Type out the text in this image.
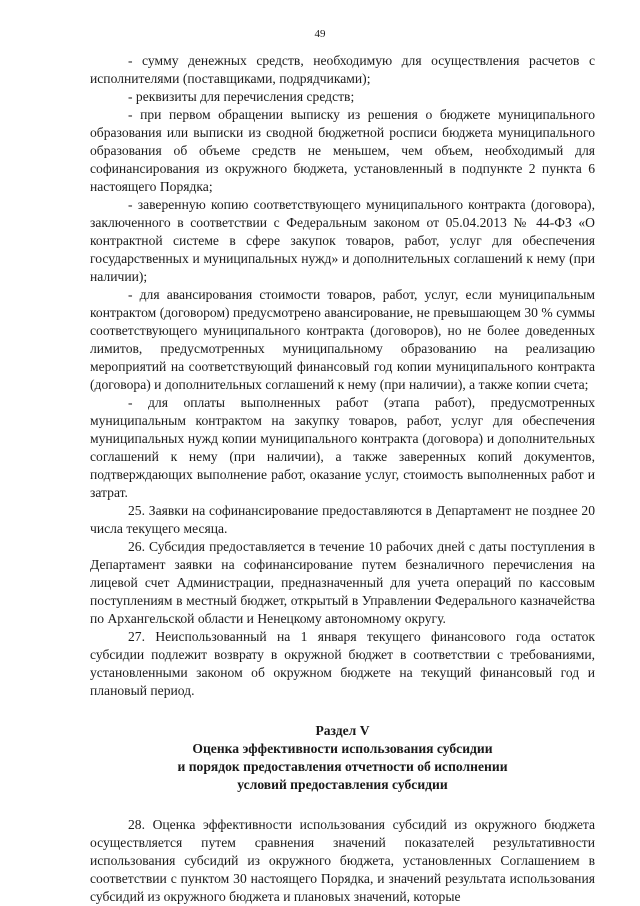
49

- сумму денежных средств, необходимую для осуществления расчетов с исполнителями (поставщиками, подрядчиками);

- реквизиты для перечисления средств;

- при первом обращении выписку из решения о бюджете муниципального образования или выписки из сводной бюджетной росписи бюджета муниципального образования об объеме средств не меньшем, чем объем, необходимый для софинансирования из окружного бюджета, установленный в подпункте 2 пункта 6 настоящего Порядка;

- заверенную копию соответствующего муниципального контракта (договора), заключенного в соответствии с Федеральным законом от 05.04.2013 № 44-ФЗ «О контрактной системе в сфере закупок товаров, работ, услуг для обеспечения государственных и муниципальных нужд» и дополнительных соглашений к нему (при наличии);

- для авансирования стоимости товаров, работ, услуг, если муниципальным контрактом (договором) предусмотрено авансирование, не превышающем 30 % суммы соответствующего муниципального контракта (договоров), но не более доведенных лимитов, предусмотренных муниципальному образованию на реализацию мероприятий на соответствующий финансовый год копии муниципального контракта (договора) и дополнительных соглашений к нему (при наличии), а также копии счета;

- для оплаты выполненных работ (этапа работ), предусмотренных муниципальным контрактом на закупку товаров, работ, услуг для обеспечения муниципальных нужд копии муниципального контракта (договора) и дополнительных соглашений к нему (при наличии), а также заверенных копий документов, подтверждающих выполнение работ, оказание услуг, стоимость выполненных работ и затрат.

25. Заявки на софинансирование предоставляются в Департамент не позднее 20 числа текущего месяца.

26. Субсидия предоставляется в течение 10 рабочих дней с даты поступления в Департамент заявки на софинансирование путем безналичного перечисления на лицевой счет Администрации, предназначенный для учета операций по кассовым поступлениям в местный бюджет, открытый в Управлении Федерального казначейства по Архангельской области и Ненецкому автономному округу.

27. Неиспользованный на 1 января текущего финансового года остаток субсидии подлежит возврату в окружной бюджет в соответствии с требованиями, установленными законом об окружном бюджете на текущий финансовый год и плановый период.

Раздел V
Оценка эффективности использования субсидии
и порядок предоставления отчетности об исполнении
условий предоставления субсидии

28. Оценка эффективности использования субсидий из окружного бюджета осуществляется путем сравнения значений показателей результативности использования субсидий из окружного бюджета, установленных Соглашением в соответствии с пунктом 30 настоящего Порядка, и значений результата использования субсидий из окружного бюджета и плановых значений, которые
